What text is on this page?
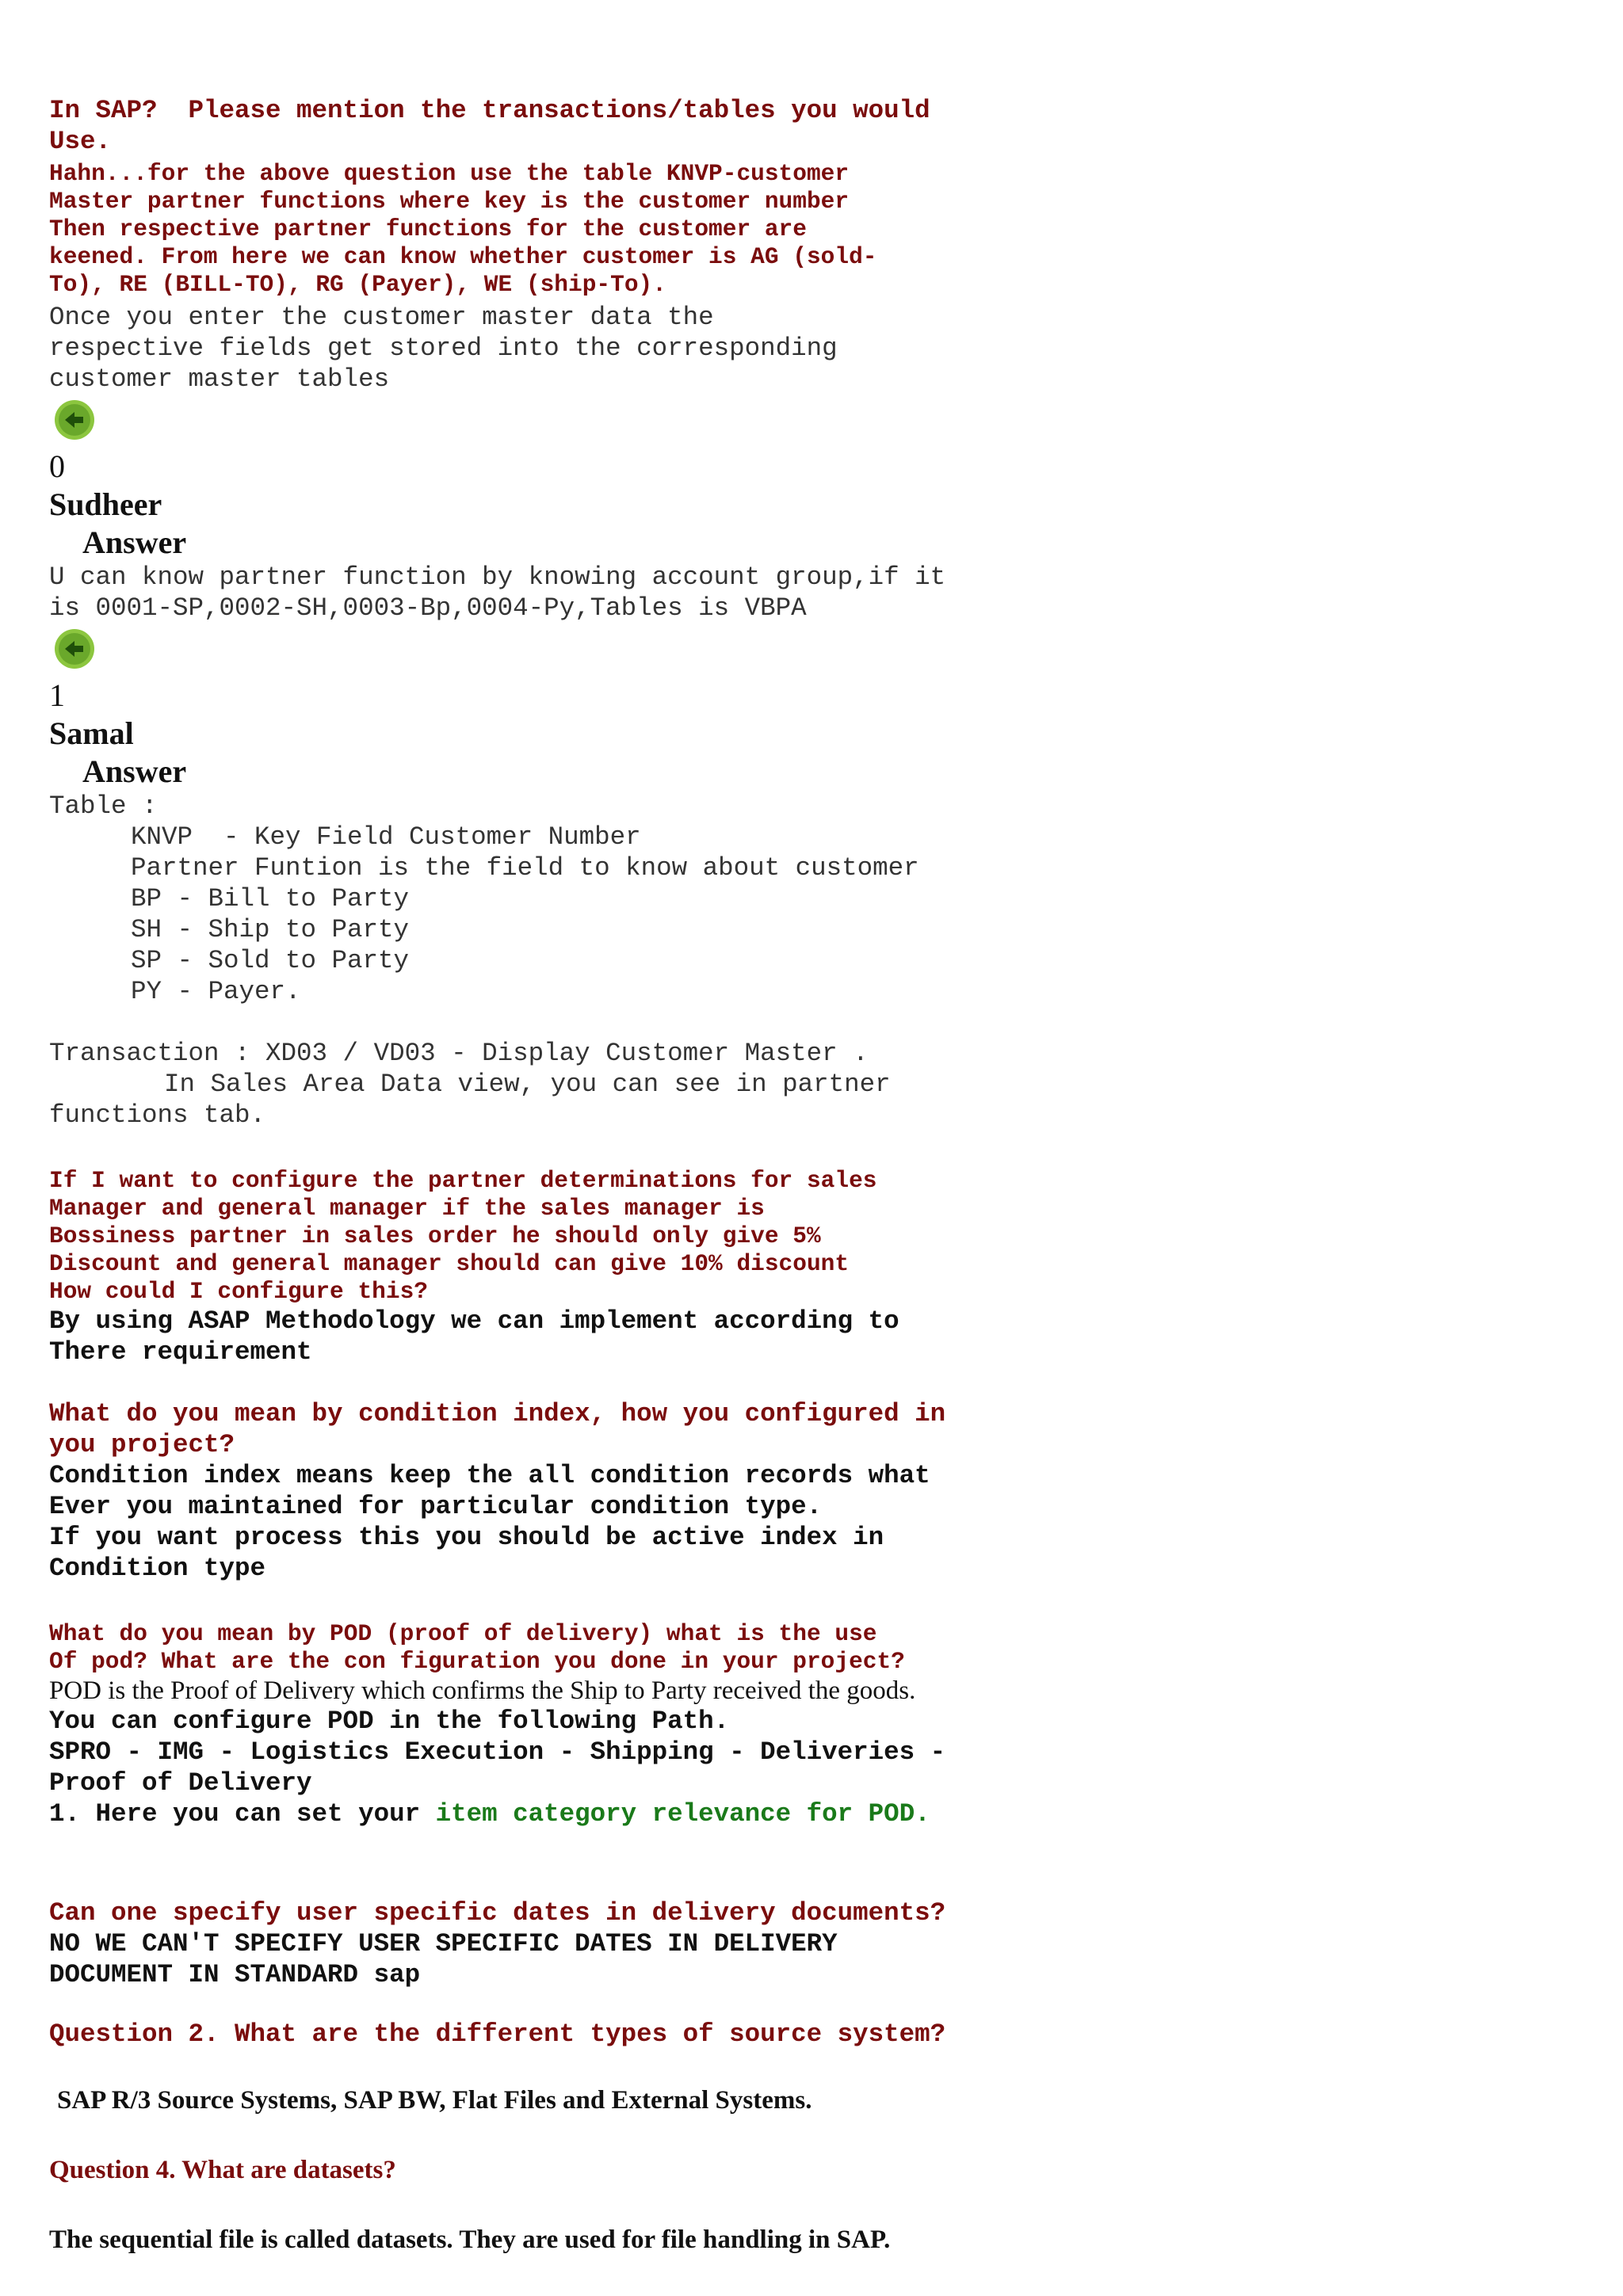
In SAP?  Please mention the transactions/tables you would

Use.

Hahn...for the above question use the table KNVP-customer

Master partner functions where key is the customer number

Then respective partner functions for the customer are

keened. From here we can know whether customer is AG (sold-

To), RE (BILL-TO), RG (Payer), WE (ship-To).

Once you enter the customer master data the

respective fields get stored into the corresponding

customer master tables

0
Sudheer
Answer

U can know partner function by knowing account group,if it

is 0001-SP,0002-SH,0003-Bp,0004-Py,Tables is VBPA

1
Samal
Answer

Table :

KNVP  - Key Field Customer Number

Partner Funtion is the field to know about customer

BP - Bill to Party

SH - Ship to Party

SP - Sold to Party

PY - Payer.

Transaction : XD03 / VD03 - Display Customer Master .

In Sales Area Data view, you can see in partner

functions tab.

If I want to configure the partner determinations for sales

Manager and general manager if the sales manager is

Bossiness partner in sales order he should only give 5%

Discount and general manager should can give 10% discount

How could I configure this?

By using ASAP Methodology we can implement according to

There requirement

What do you mean by condition index, how you configured in

you project?

Condition index means keep the all condition records what

Ever you maintained for particular condition type.

If you want process this you should be active index in

Condition type

What do you mean by POD (proof of delivery) what is the use

Of pod? What are the con figuration you done in your project?

POD is the Proof of Delivery which confirms the Ship to Party received the goods.

You can configure POD in the following Path.

SPRO - IMG - Logistics Execution - Shipping - Deliveries -

Proof of Delivery

1. Here you can set your item category relevance for POD.

Can one specify user specific dates in delivery documents?

NO WE CAN'T SPECIFY USER SPECIFIC DATES IN DELIVERY

DOCUMENT IN STANDARD sap

Question 2. What are the different types of source system?

SAP R/3 Source Systems, SAP BW, Flat Files and External Systems.

Question 4. What are datasets?

The sequential file is called datasets. They are used for file handling in SAP.
